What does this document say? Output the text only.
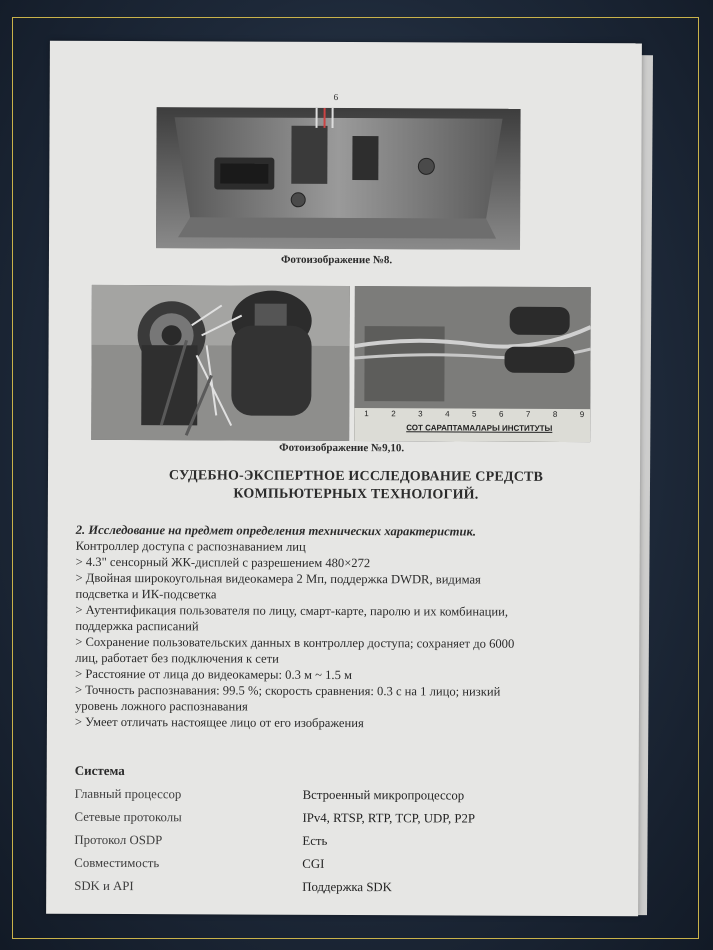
6
Фотоизображение №8.
1	2	3	4	5	6	7	8	9
СОТ САРАПТАМАЛАРЫ ИНСТИТУТЫ
Фотоизображение №9,10.
СУДЕБНО-ЭКСПЕРТНОЕ ИССЛЕДОВАНИЕ СРЕДСТВ
КОМПЬЮТЕРНЫХ ТЕХНОЛОГИЙ.
2. Исследование на предмет определения технических характеристик.
Контроллер доступа с распознаванием лиц
> 4.3" сенсорный ЖК-дисплей с разрешением 480×272
> Двойная широкоугольная видеокамера 2 Мп, поддержка DWDR, видимая
подсветка и ИК-подсветка
> Аутентификация пользователя по лицу, смарт-карте, паролю и их комбинации,
поддержка расписаний
> Сохранение пользовательских данных в контроллер доступа; сохраняет до 6000
лиц, работает без подключения к сети
> Расстояние от лица до видеокамеры: 0.3 м ~ 1.5 м
> Точность распознавания: 99.5 %; скорость сравнения: 0.3 с на 1 лицо; низкий
уровень ложного распознавания
> Умеет отличать настоящее лицо от его изображения
Система
Главный процессор	Встроенный микропроцессор
Сетевые протоколы	IPv4, RTSP, RTP, TCP, UDP, P2P
Протокол OSDP	Есть
Совместимость	CGI
SDK и API	Поддержка SDK
